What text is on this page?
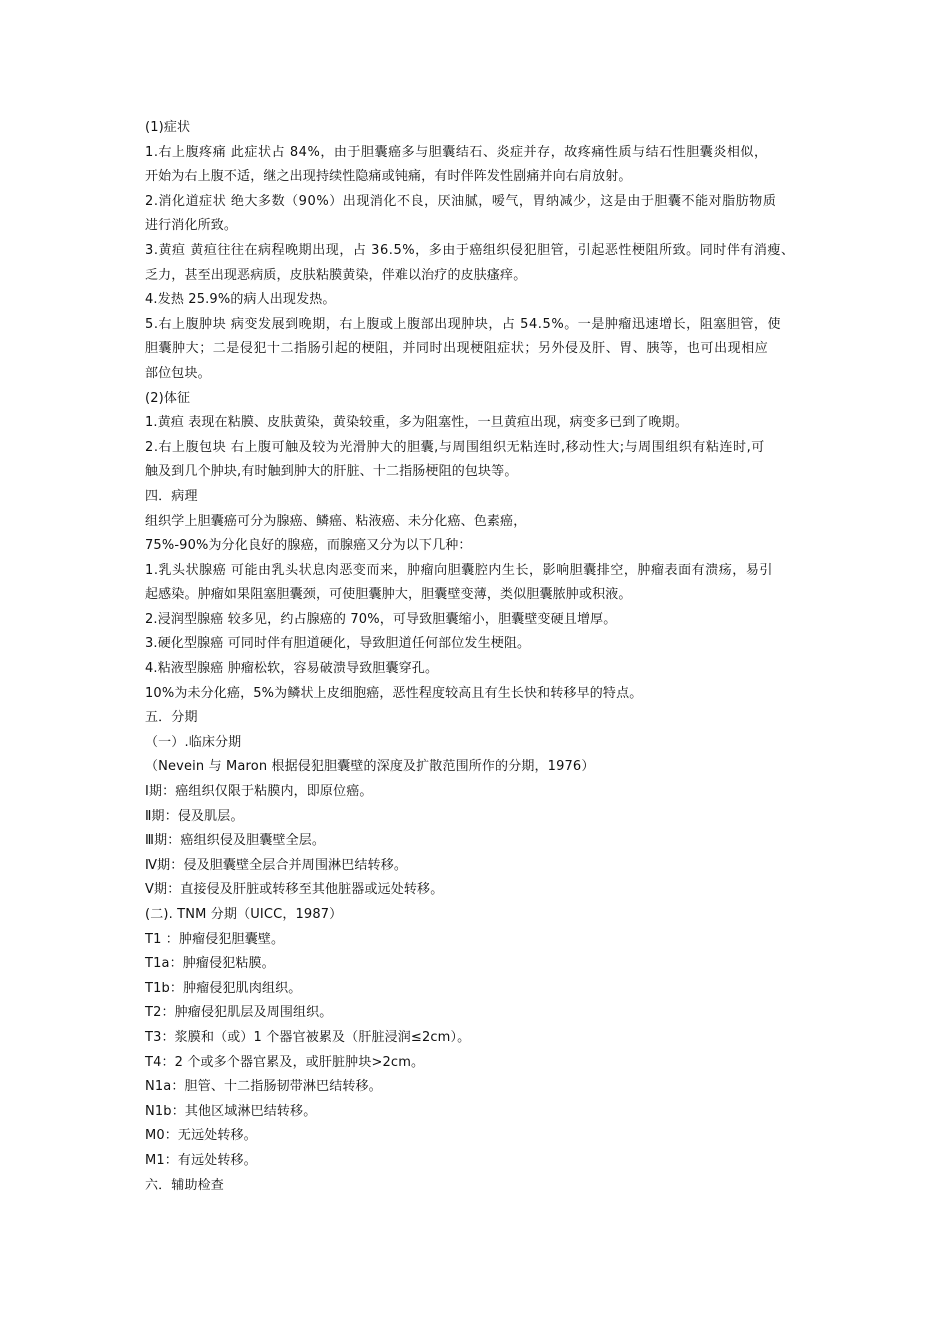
(1)症状
1.右上腹疼痛 此症状占 84%，由于胆囊癌多与胆囊结石、炎症并存，故疼痛性质与结石性胆囊炎相似，
开始为右上腹不适，继之出现持续性隐痛或钝痛，有时伴阵发性剧痛并向右肩放射。
2.消化道症状 绝大多数（90%）出现消化不良，厌油腻，嗳气，胃纳减少，这是由于胆囊不能对脂肪物质
进行消化所致。
3.黄疸 黄疸往往在病程晚期出现，占 36.5%，多由于癌组织侵犯胆管，引起恶性梗阻所致。同时伴有消瘦、
乏力，甚至出现恶病质，皮肤粘膜黄染，伴难以治疗的皮肤瘙痒。
4.发热 25.9%的病人出现发热。
5.右上腹肿块 病变发展到晚期，右上腹或上腹部出现肿块，占 54.5%。一是肿瘤迅速增长，阻塞胆管，使
胆囊肿大；二是侵犯十二指肠引起的梗阻，并同时出现梗阻症状；另外侵及肝、胃、胰等，也可出现相应
部位包块。
(2)体征
1.黄疸 表现在粘膜、皮肤黄染，黄染较重，多为阻塞性，一旦黄疸出现，病变多已到了晚期。
2.右上腹包块 右上腹可触及较为光滑肿大的胆囊,与周围组织无粘连时,移动性大;与周围组织有粘连时,可
触及到几个肿块,有时触到肿大的肝脏、十二指肠梗阻的包块等。
四．病理
组织学上胆囊癌可分为腺癌、鳞癌、粘液癌、未分化癌、色素癌，
75%-90%为分化良好的腺癌，而腺癌又分为以下几种：
1.乳头状腺癌 可能由乳头状息肉恶变而来，肿瘤向胆囊腔内生长，影响胆囊排空，肿瘤表面有溃疡，易引
起感染。肿瘤如果阻塞胆囊颈，可使胆囊肿大，胆囊壁变薄，类似胆囊脓肿或积液。
2.浸润型腺癌 较多见，约占腺癌的 70%，可导致胆囊缩小，胆囊壁变硬且增厚。
3.硬化型腺癌 可同时伴有胆道硬化，导致胆道任何部位发生梗阻。
4.粘液型腺癌 肿瘤松软，容易破溃导致胆囊穿孔。
10%为未分化癌，5%为鳞状上皮细胞癌，恶性程度较高且有生长快和转移早的特点。
五．分期
（一）.临床分期
（Nevein 与 Maron 根据侵犯胆囊壁的深度及扩散范围所作的分期，1976）
Ⅰ期：癌组织仅限于粘膜内，即原位癌。
Ⅱ期：侵及肌层。
Ⅲ期：癌组织侵及胆囊壁全层。
Ⅳ期：侵及胆囊壁全层合并周围淋巴结转移。
Ⅴ期：直接侵及肝脏或转移至其他脏器或远处转移。
(二). TNM 分期（UICC，1987）
T1 ：肿瘤侵犯胆囊壁。
T1a：肿瘤侵犯粘膜。
T1b：肿瘤侵犯肌肉组织。
T2：肿瘤侵犯肌层及周围组织。
T3：浆膜和（或）1 个器官被累及（肝脏浸润≤2cm）。
T4：2 个或多个器官累及，或肝脏肿块>2cm。
N1a：胆管、十二指肠韧带淋巴结转移。
N1b：其他区域淋巴结转移。
M0：无远处转移。
M1：有远处转移。
六．辅助检查
